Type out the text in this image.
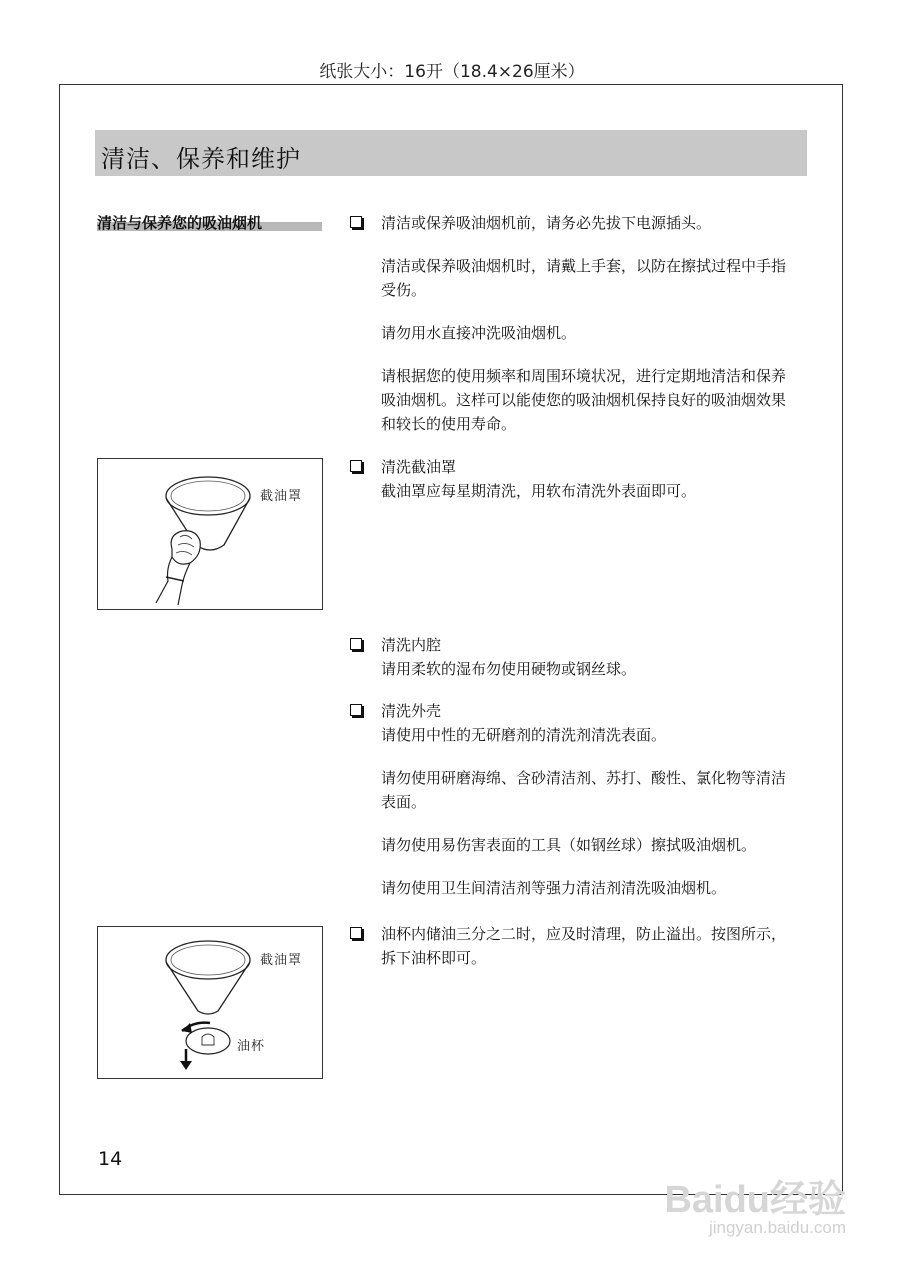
纸张大小：16开（18.4×26厘米）
清洁、保养和维护
清洁与保养您的吸油烟机	清洁或保养吸油烟机前，请务必先拔下电源插头。

清洁或保养吸油烟机时，请戴上手套，以防在擦拭过程中手指受伤。

请勿用水直接冲洗吸油烟机。

请根据您的使用频率和周围环境状况，进行定期地清洁和保养吸油烟机。这样可以能使您的吸油烟机保持良好的吸油烟效果和较长的使用寿命。

清洗截油罩

截油罩应每星期清洗，用软布清洗外表面即可。

清洗内腔

请用柔软的湿布勿使用硬物或钢丝球。

清洗外壳

请使用中性的无研磨剂的清洗剂清洗表面。

请勿使用研磨海绵、含砂清洁剂、苏打、酸性、氯化物等清洁表面。

请勿使用易伤害表面的工具（如钢丝球）擦拭吸油烟机。

请勿使用卫生间清洁剂等强力清洁剂清洗吸油烟机。

油杯内储油三分之二时，应及时清理，防止溢出。按图所示，拆下油杯即可。

截油罩
截油罩
油杯
14
Baidu经验
jingyan.baidu.com
